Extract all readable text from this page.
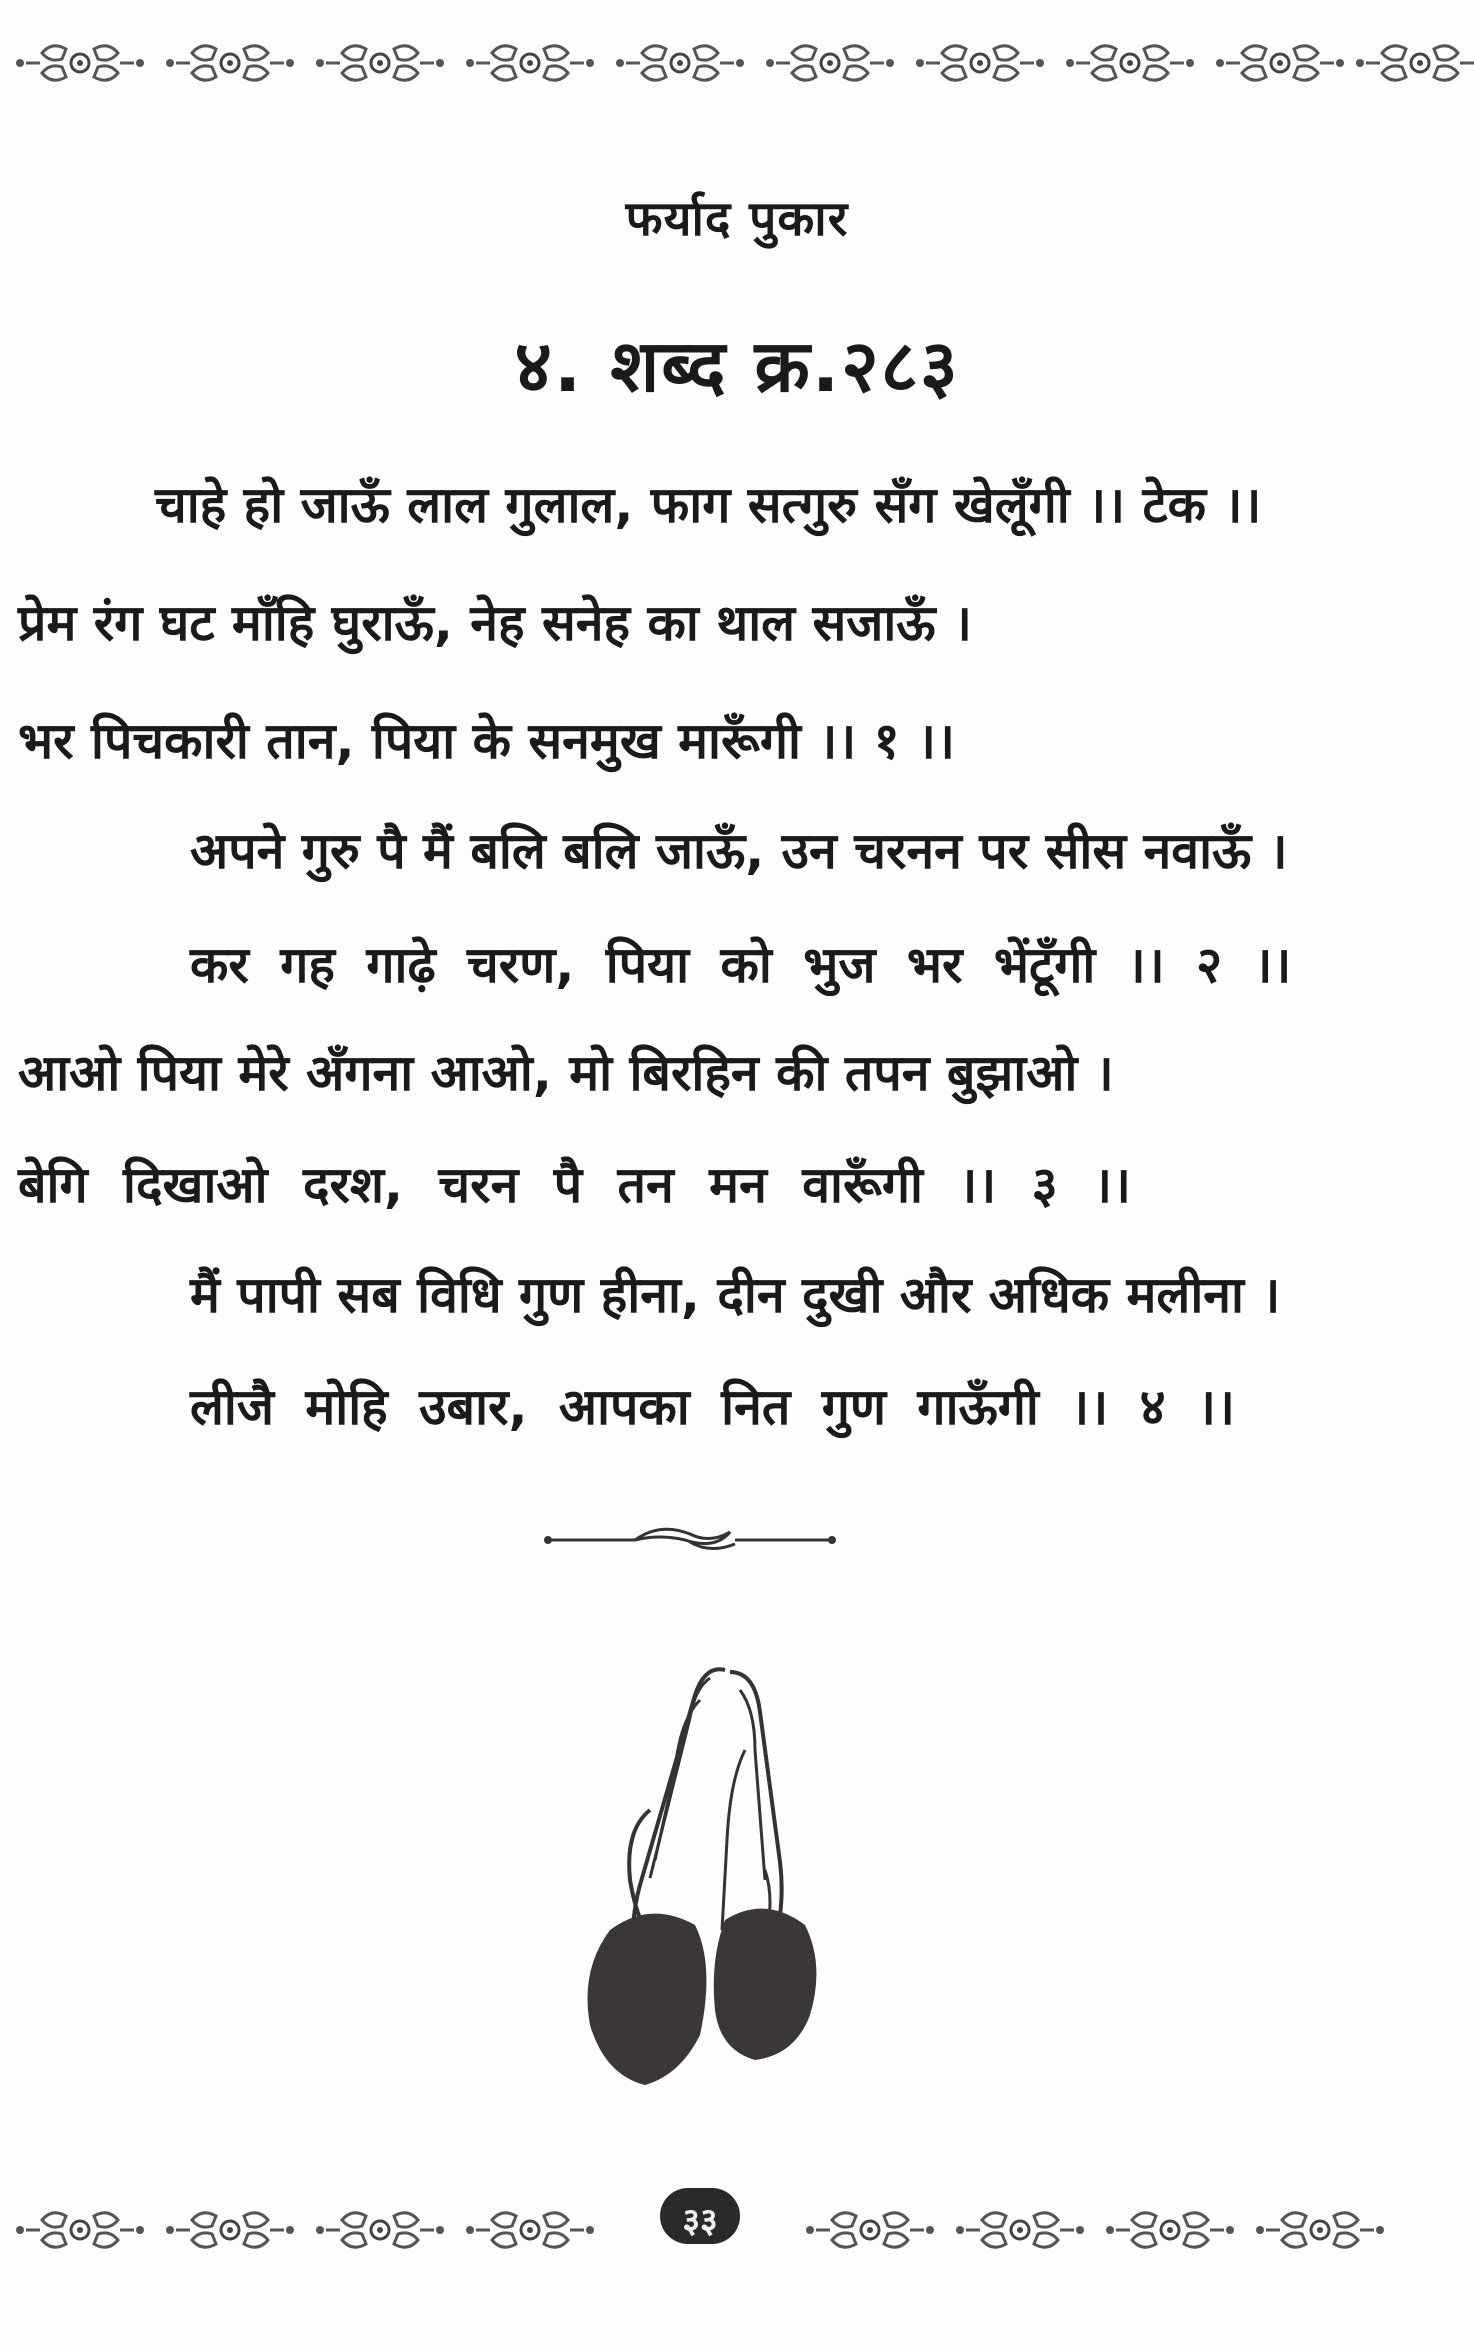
फर्याद पुकार
४. शब्द क्र.२८३
चाहे हो जाऊँ लाल गुलाल, फाग सत्गुरु सँग खेलूँगी ।। टेक ।।
प्रेम रंग घट माँहि घुराऊँ, नेह सनेह का थाल सजाऊँ ।
भर पिचकारी तान, पिया के सनमुख मारूँगी ।। १ ।।
अपने गुरु पै मैं बलि बलि जाऊँ, उन चरनन पर सीस नवाऊँ ।
कर गह गाढ़े चरण, पिया को भुज भर भेंटूँगी ।। २ ।।
आओ पिया मेरे अँगना आओ, मो बिरहिन की तपन बुझाओ ।
बेगि दिखाओ दरश, चरन पै तन मन वारूँगी ।। ३ ।।
मैं पापी सब विधि गुण हीना, दीन दुखी और अधिक मलीना ।
लीजै मोहि उबार, आपका नित गुण गाऊँगी ।। ४ ।।
३३
